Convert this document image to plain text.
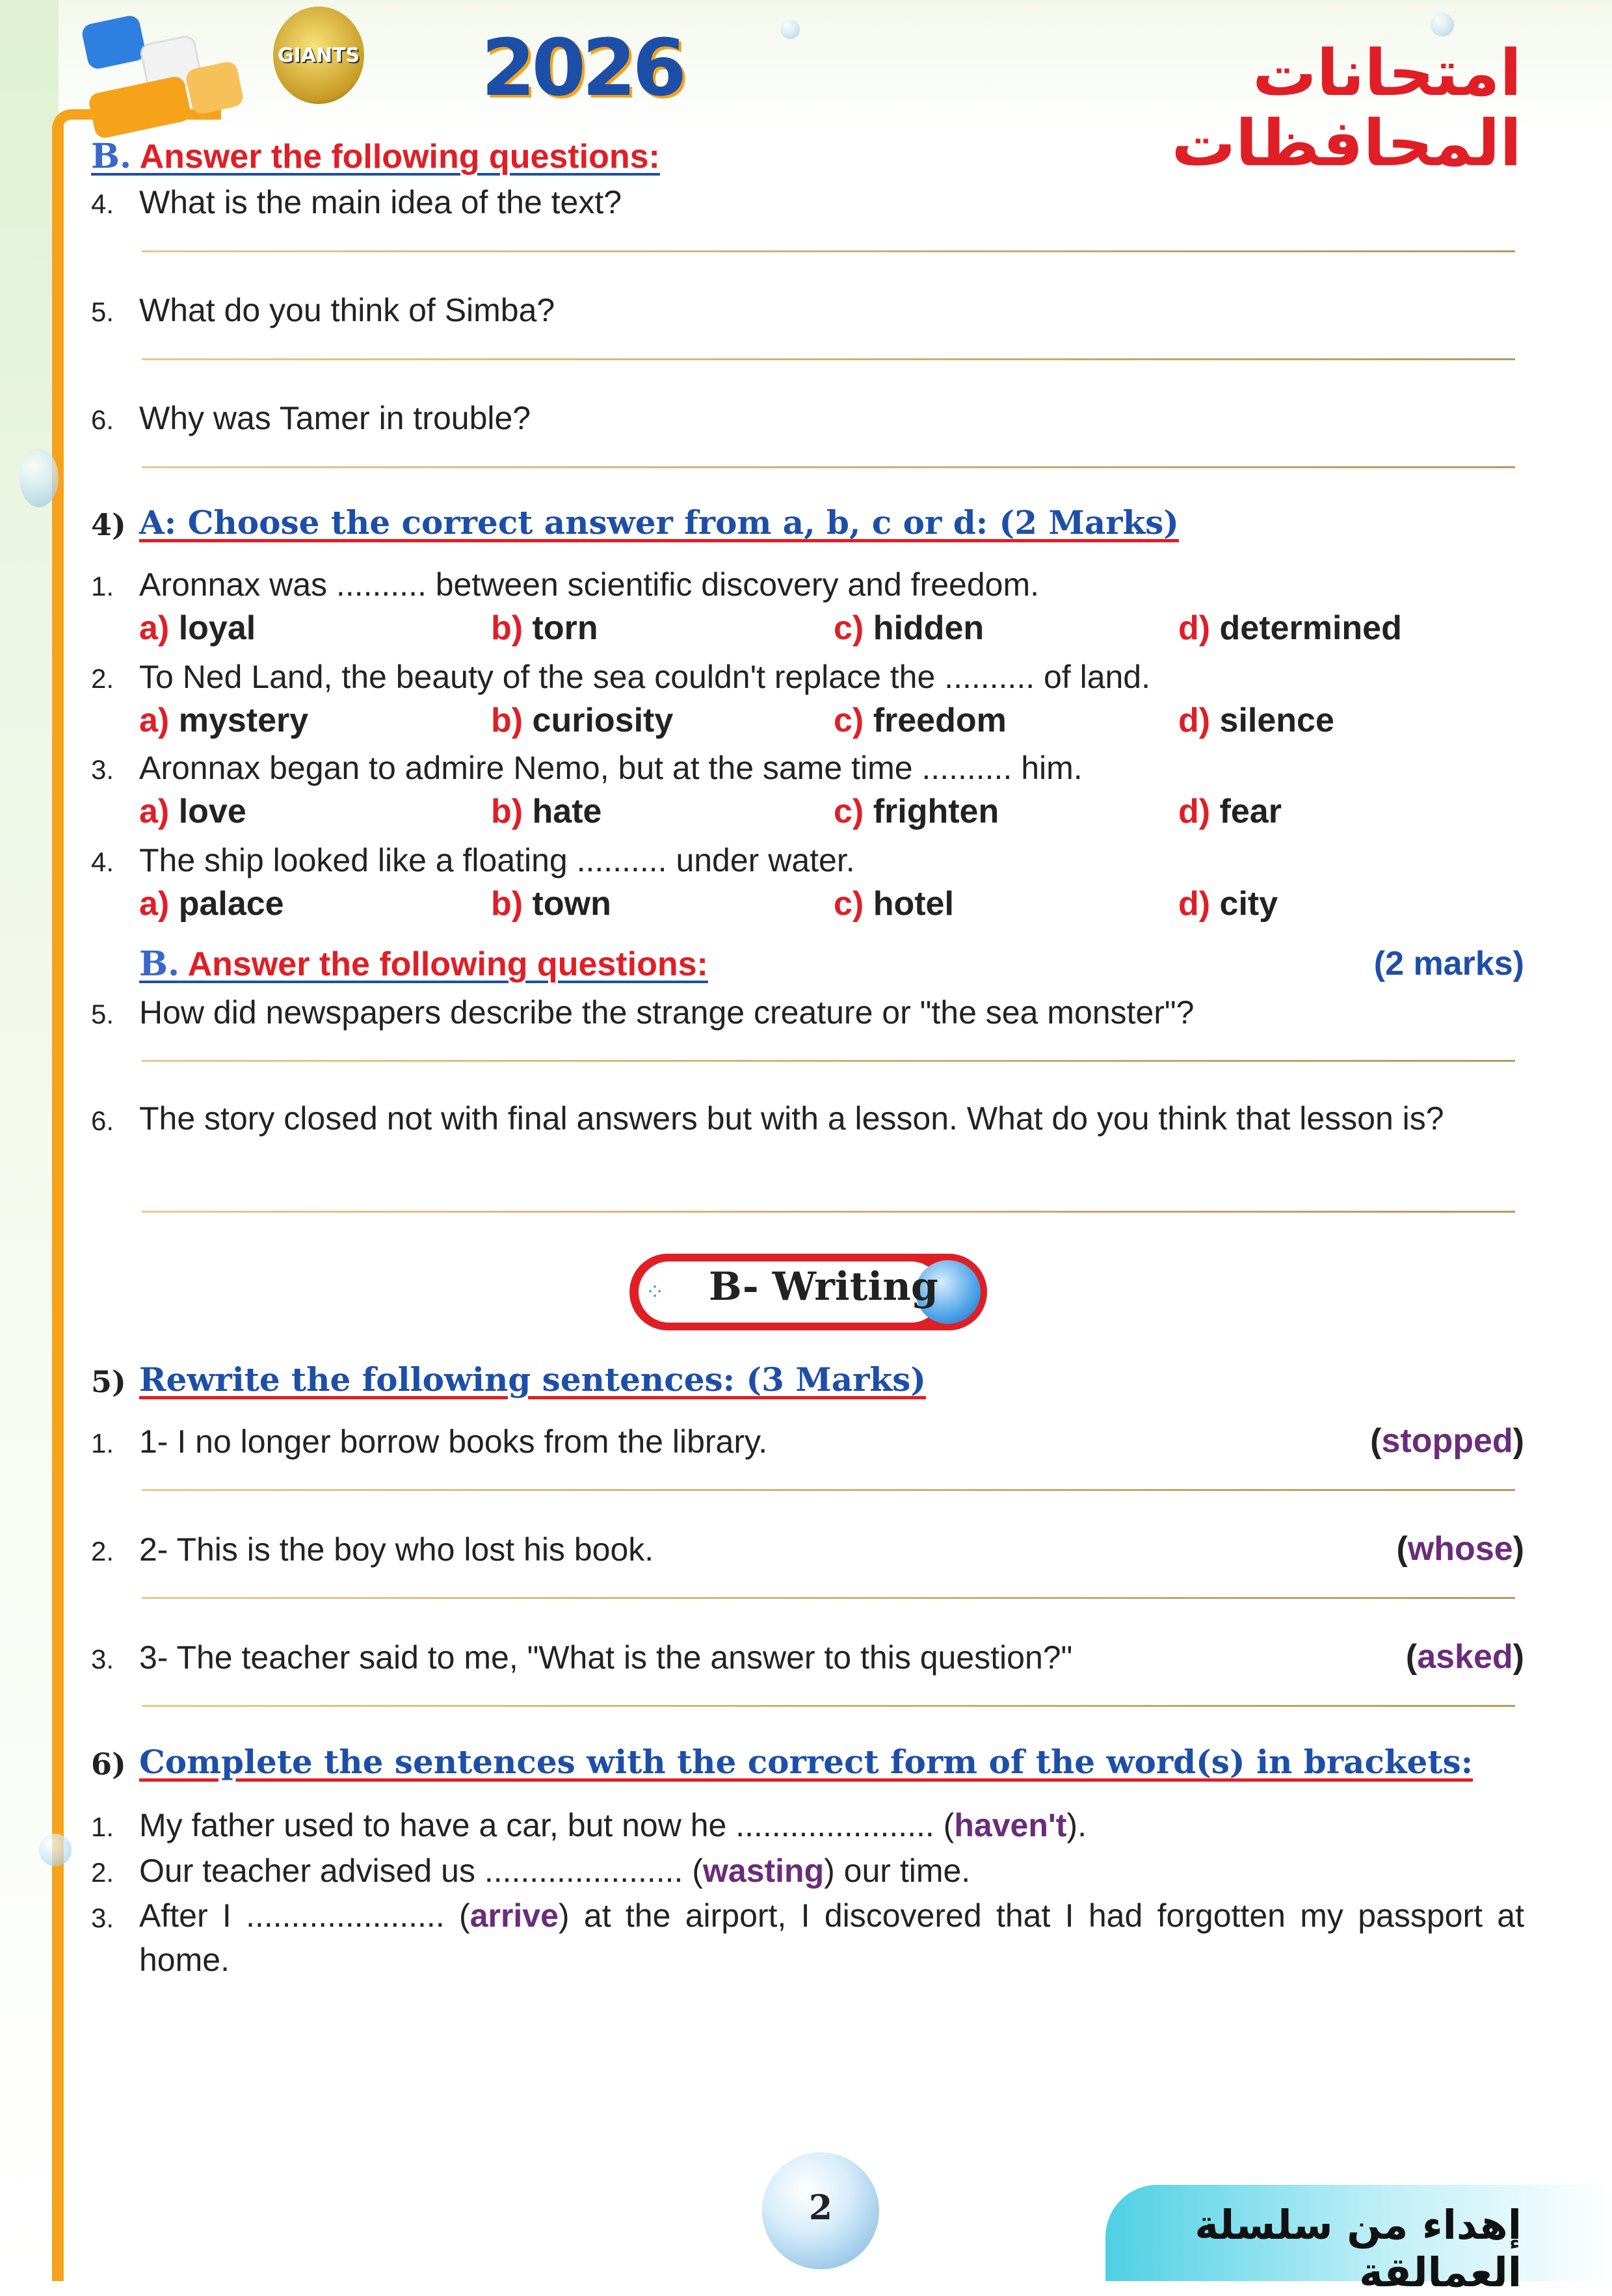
GIANTS 2026	امتحانات المحافظات
B. Answer the following questions:
4. What is the main idea of the text?
5. What do you think of Simba?
6. Why was Tamer in trouble?
4) A: Choose the correct answer from a, b, c or d: (2 Marks)
1. Aronnax was .......... between scientific discovery and freedom.
a) loyal	b) torn	c) hidden	d) determined
2. To Ned Land, the beauty of the sea couldn't replace the .......... of land.
a) mystery	b) curiosity	c) freedom	d) silence
3. Aronnax began to admire Nemo, but at the same time .......... him.
a) love	b) hate	c) frighten	d) fear
4. The ship looked like a floating .......... under water.
a) palace	b) town	c) hotel	d) city
B. Answer the following questions:	(2 marks)
5. How did newspapers describe the strange creature or "the sea monster"?
6. The story closed not with final answers but with a lesson. What do you think that lesson is?
⁘ B- Writing
5) Rewrite the following sentences: (3 Marks)
1. 1- I no longer borrow books from the library.	(stopped)
2. 2- This is the boy who lost his book.	(whose)
3. 3- The teacher said to me, "What is the answer to this question?"	(asked)
6) Complete the sentences with the correct form of the word(s) in brackets:
1. My father used to have a car, but now he ...................... (haven't).
2. Our teacher advised us ...................... (wasting) our time.
3. After I ...................... (arrive) at the airport, I discovered that I had forgotten my passport at home.
2	إهداء من سلسلة العمالقة
